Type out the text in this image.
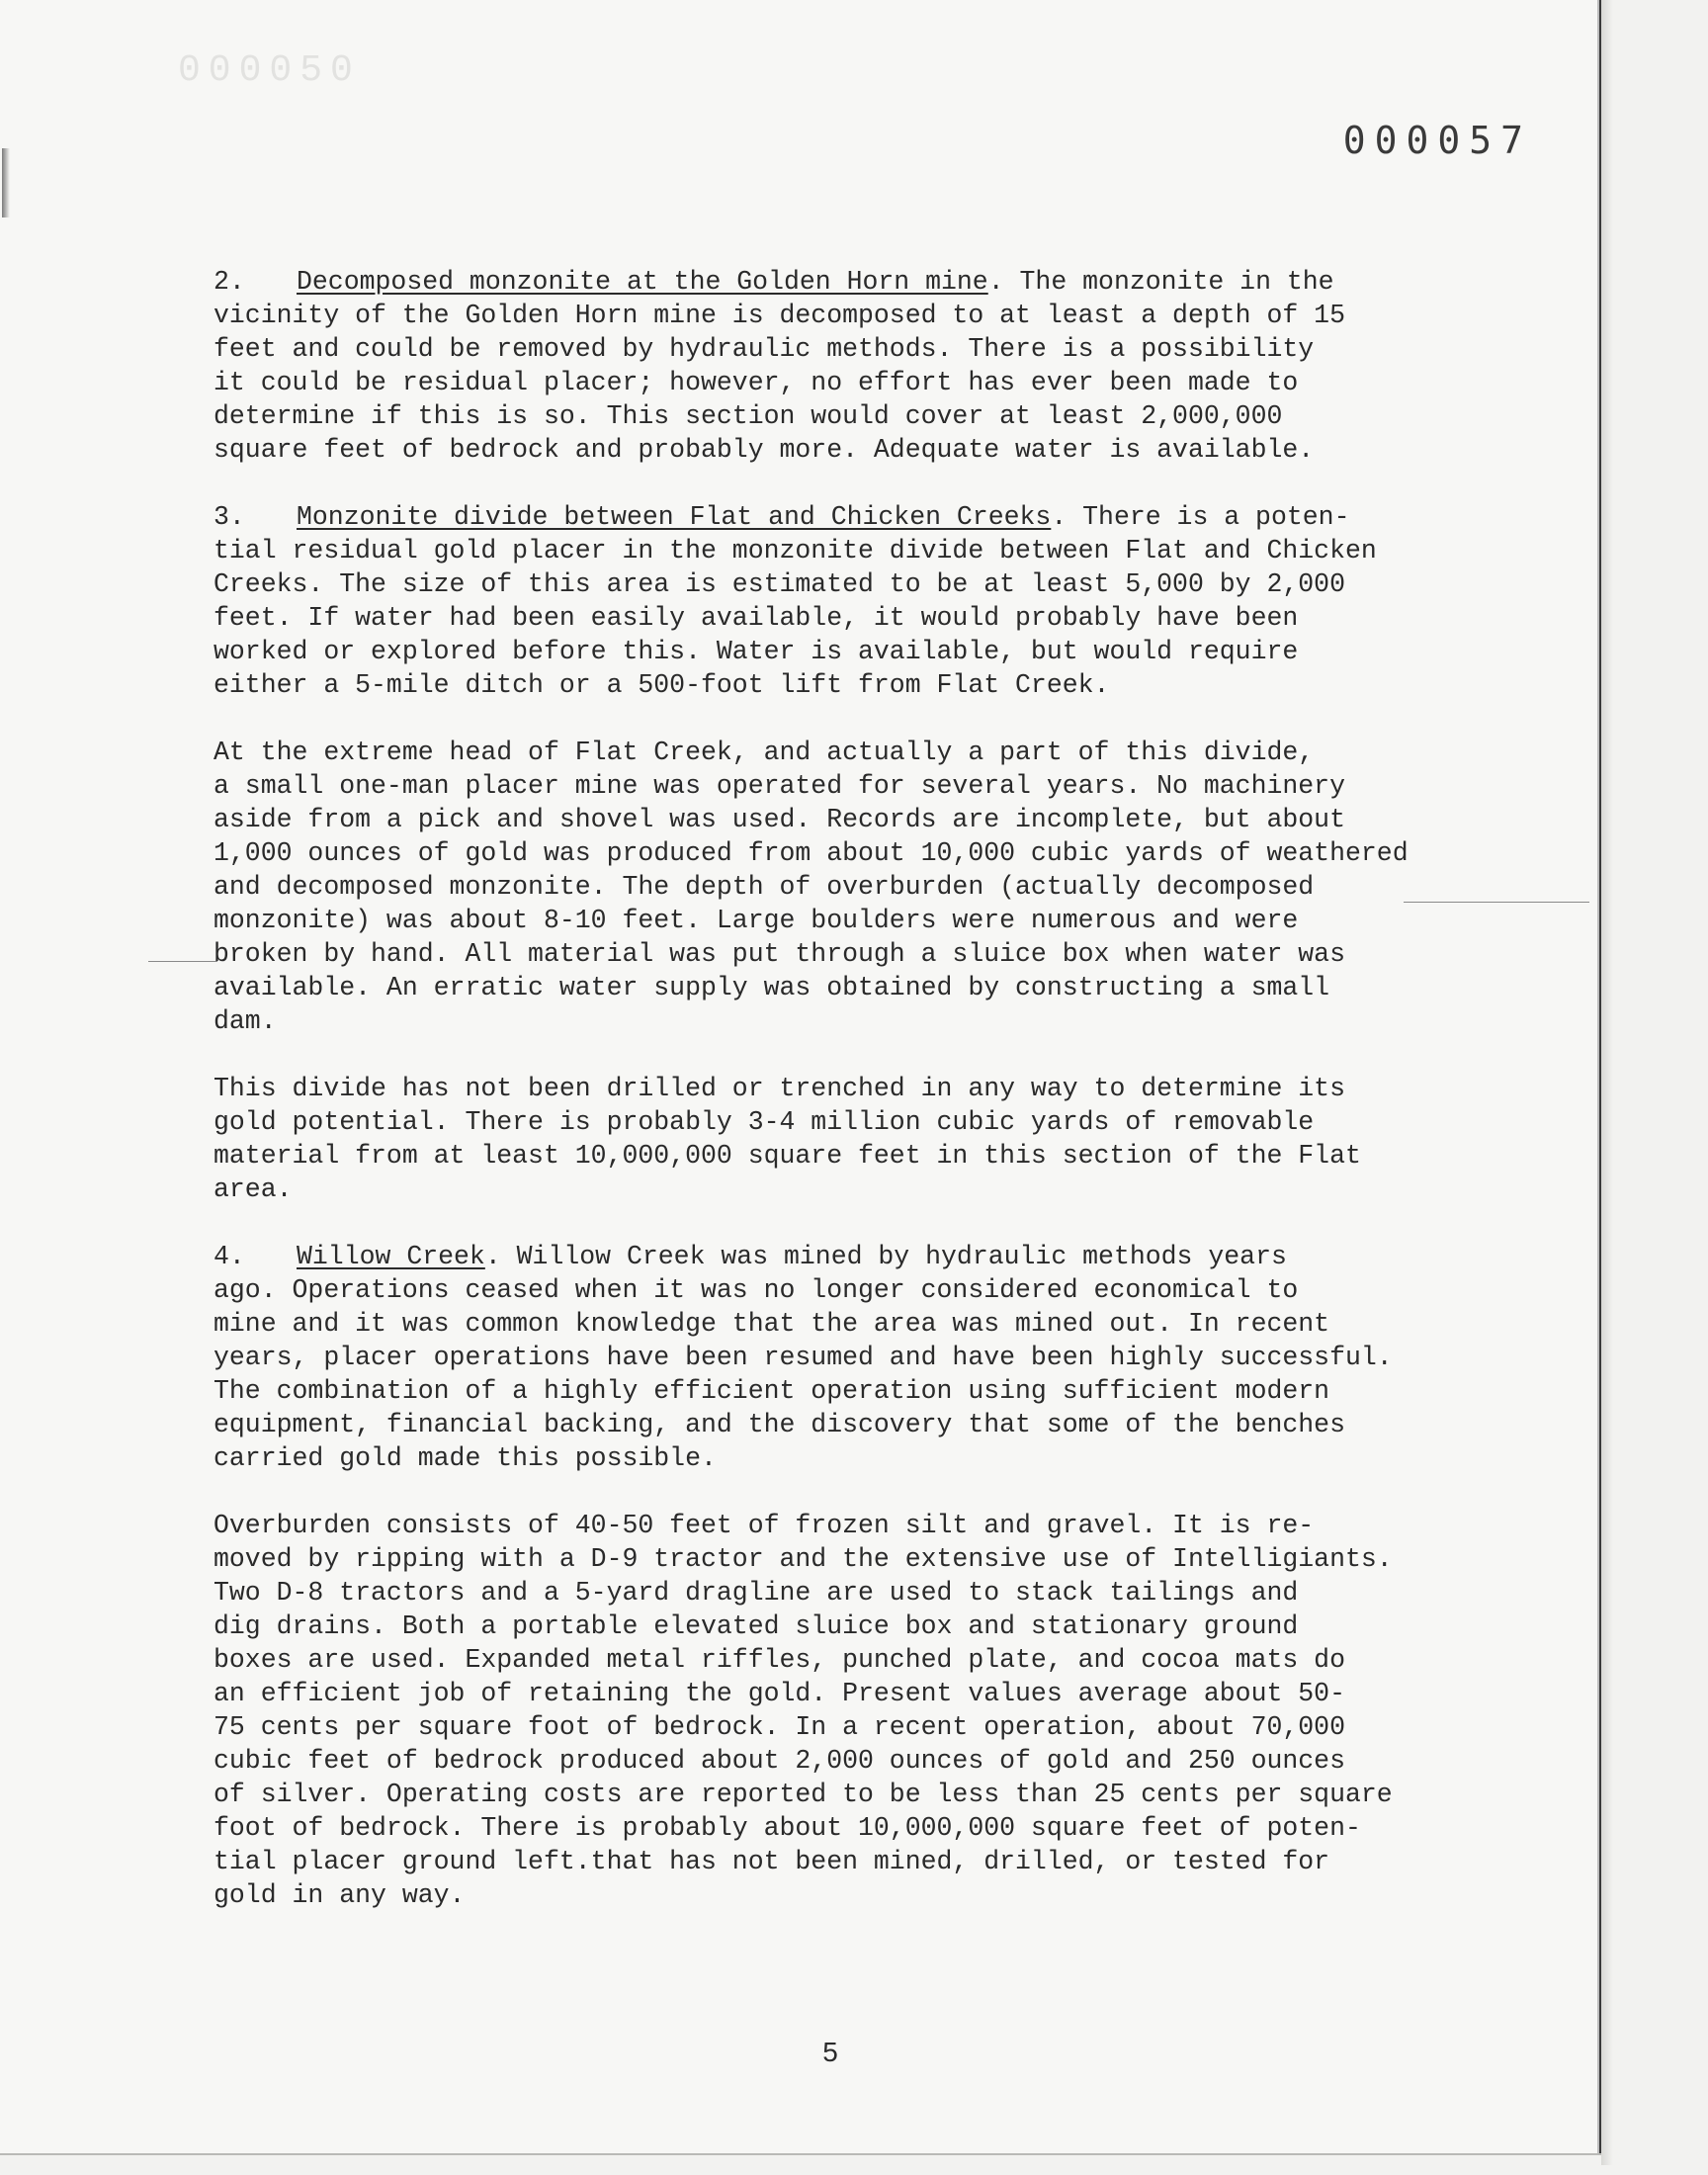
000050
000057
2. Decomposed monzonite at the Golden Horn mine. The monzonite in the
vicinity of the Golden Horn mine is decomposed to at least a depth of 15
feet and could be removed by hydraulic methods. There is a possibility
it could be residual placer; however, no effort has ever been made to
determine if this is so. This section would cover at least 2,000,000
square feet of bedrock and probably more. Adequate water is available.
3. Monzonite divide between Flat and Chicken Creeks. There is a poten-
tial residual gold placer in the monzonite divide between Flat and Chicken
Creeks. The size of this area is estimated to be at least 5,000 by 2,000
feet. If water had been easily available, it would probably have been
worked or explored before this. Water is available, but would require
either a 5-mile ditch or a 500-foot lift from Flat Creek.
At the extreme head of Flat Creek, and actually a part of this divide,
a small one-man placer mine was operated for several years. No machinery
aside from a pick and shovel was used. Records are incomplete, but about
1,000 ounces of gold was produced from about 10,000 cubic yards of weathered
and decomposed monzonite. The depth of overburden (actually decomposed
monzonite) was about 8-10 feet. Large boulders were numerous and were
broken by hand. All material was put through a sluice box when water was
available. An erratic water supply was obtained by constructing a small
dam.
This divide has not been drilled or trenched in any way to determine its
gold potential. There is probably 3-4 million cubic yards of removable
material from at least 10,000,000 square feet in this section of the Flat
area.
4. Willow Creek. Willow Creek was mined by hydraulic methods years
ago. Operations ceased when it was no longer considered economical to
mine and it was common knowledge that the area was mined out. In recent
years, placer operations have been resumed and have been highly successful.
The combination of a highly efficient operation using sufficient modern
equipment, financial backing, and the discovery that some of the benches
carried gold made this possible.
Overburden consists of 40-50 feet of frozen silt and gravel. It is re-
moved by ripping with a D-9 tractor and the extensive use of Intelligiants.
Two D-8 tractors and a 5-yard dragline are used to stack tailings and
dig drains. Both a portable elevated sluice box and stationary ground
boxes are used. Expanded metal riffles, punched plate, and cocoa mats do
an efficient job of retaining the gold. Present values average about 50-
75 cents per square foot of bedrock. In a recent operation, about 70,000
cubic feet of bedrock produced about 2,000 ounces of gold and 250 ounces
of silver. Operating costs are reported to be less than 25 cents per square
foot of bedrock. There is probably about 10,000,000 square feet of poten-
tial placer ground left.that has not been mined, drilled, or tested for
gold in any way.
5
